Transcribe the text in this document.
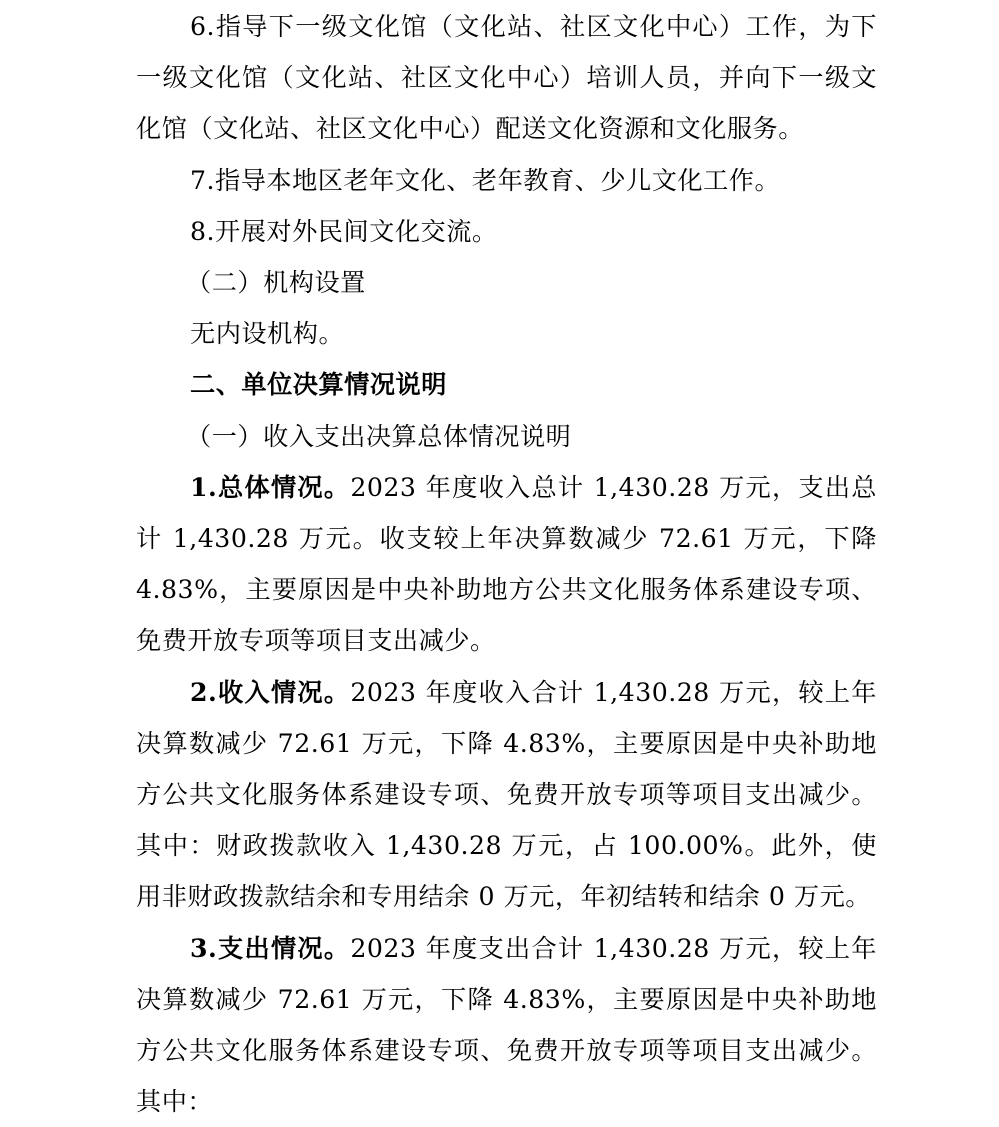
6.指导下一级文化馆（文化站、社区文化中心）工作，为下一级文化馆（文化站、社区文化中心）培训人员，并向下一级文化馆（文化站、社区文化中心）配送文化资源和文化服务。

7.指导本地区老年文化、老年教育、少儿文化工作。

8.开展对外民间文化交流。

（二）机构设置

无内设机构。

二、单位决算情况说明

（一）收入支出决算总体情况说明

1.总体情况。2023 年度收入总计 1,430.28 万元，支出总计 1,430.28 万元。收支较上年决算数减少 72.61 万元，下降 4.83%，主要原因是中央补助地方公共文化服务体系建设专项、免费开放专项等项目支出减少。

2.收入情况。2023 年度收入合计 1,430.28 万元，较上年决算数减少 72.61 万元，下降 4.83%，主要原因是中央补助地方公共文化服务体系建设专项、免费开放专项等项目支出减少。其中：财政拨款收入 1,430.28 万元，占 100.00%。此外，使用非财政拨款结余和专用结余 0 万元，年初结转和结余 0 万元。

3.支出情况。2023 年度支出合计 1,430.28 万元，较上年决算数减少 72.61 万元，下降 4.83%，主要原因是中央补助地方公共文化服务体系建设专项、免费开放专项等项目支出减少。其中：
